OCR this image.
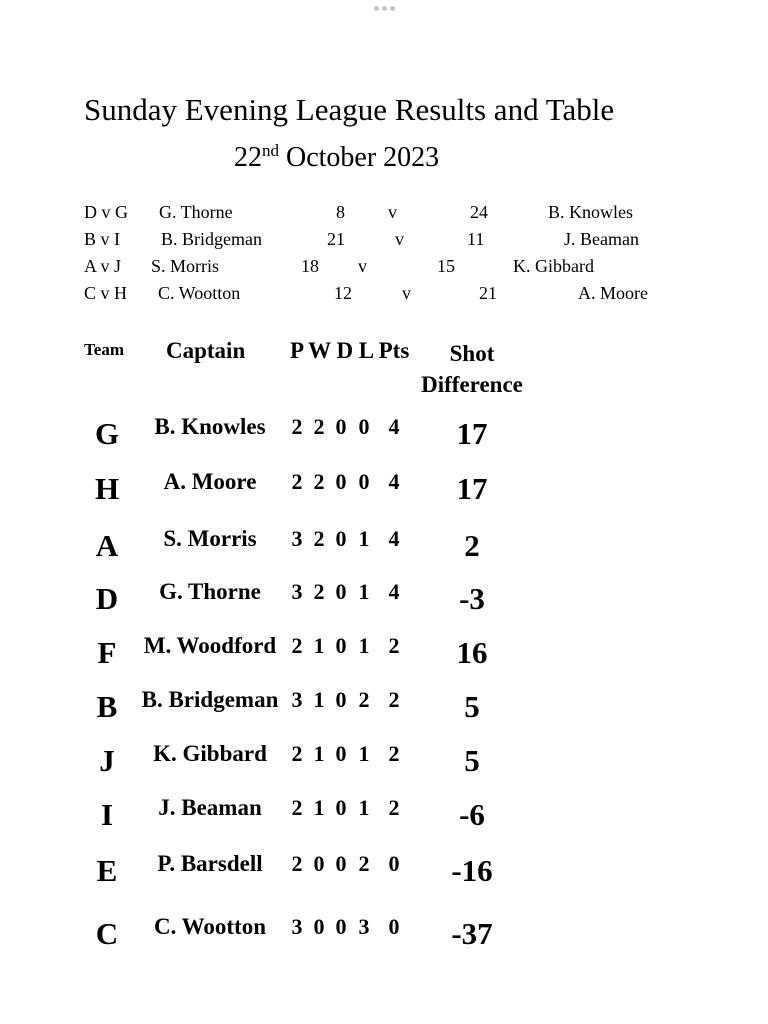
Sunday Evening League Results and Table
22nd October 2023
D v G G. Thorne	8 v	24	B. Knowles
B v I B. Bridgeman	21	v	11	J. Beaman
A v J S. Morris	18 v	15	K. Gibbard
C v H C. Wootton	12	v	21	A. Moore
Team Captain P W D L Pts	Shot
Difference
G	B. Knowles	2 2 0 0 4	17
H	A. Moore	2 2 0 0 4	17
A	S. Morris	3 2 0 1 4	2
D	G. Thorne	3 2 0 1 4	-3
F	M. Woodford 2 1 0 1 2	16
B	B. Bridgeman 3 1 0 2 2	5
J	K. Gibbard	2 1 0 1 2	5
I	J. Beaman	2 1 0 1 2	-6
E	P. Barsdell	2 0 0 2 0	-16
C	C. Wootton	3 0 0 3 0	-37
